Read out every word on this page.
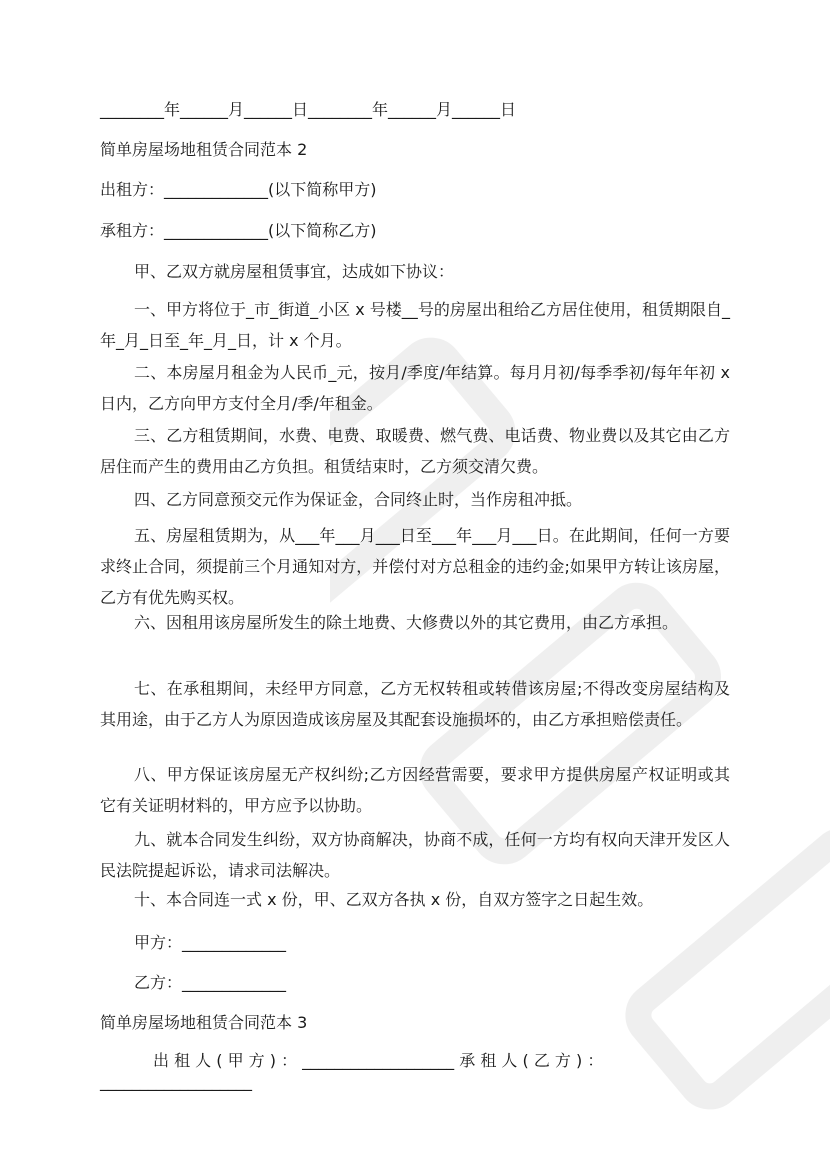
________年______月______日________年______月______日
简单房屋场地租赁合同范本 2
出租方：_____________(以下简称甲方)
承租方：_____________(以下简称乙方)
甲、乙双方就房屋租赁事宜，达成如下协议：
一、甲方将位于_市_街道_小区 x 号楼__号的房屋出租给乙方居住使用，租赁期限自_年_月_日至_年_月_日，计 x 个月。
二、本房屋月租金为人民币_元，按月/季度/年结算。每月月初/每季季初/每年年初 x 日内，乙方向甲方支付全月/季/年租金。
三、乙方租赁期间，水费、电费、取暖费、燃气费、电话费、物业费以及其它由乙方居住而产生的费用由乙方负担。租赁结束时，乙方须交清欠费。
四、乙方同意预交元作为保证金，合同终止时，当作房租冲抵。
五、房屋租赁期为，从___年___月___日至___年___月___日。在此期间，任何一方要求终止合同，须提前三个月通知对方，并偿付对方总租金的违约金;如果甲方转让该房屋，乙方有优先购买权。
六、因租用该房屋所发生的除土地费、大修费以外的其它费用，由乙方承担。
七、在承租期间，未经甲方同意，乙方无权转租或转借该房屋;不得改变房屋结构及其用途，由于乙方人为原因造成该房屋及其配套设施损坏的，由乙方承担赔偿责任。
八、甲方保证该房屋无产权纠纷;乙方因经营需要，要求甲方提供房屋产权证明或其它有关证明材料的，甲方应予以协助。
九、就本合同发生纠纷，双方协商解决，协商不成，任何一方均有权向天津开发区人民法院提起诉讼，请求司法解决。
十、本合同连一式 x 份，甲、乙双方各执 x 份，自双方签字之日起生效。
甲方：_____________
乙方：_____________
简单房屋场地租赁合同范本 3
出 租 人 ( 甲 方 ) ： ___________________ 承 租 人 ( 乙 方 ) ：
___________________
